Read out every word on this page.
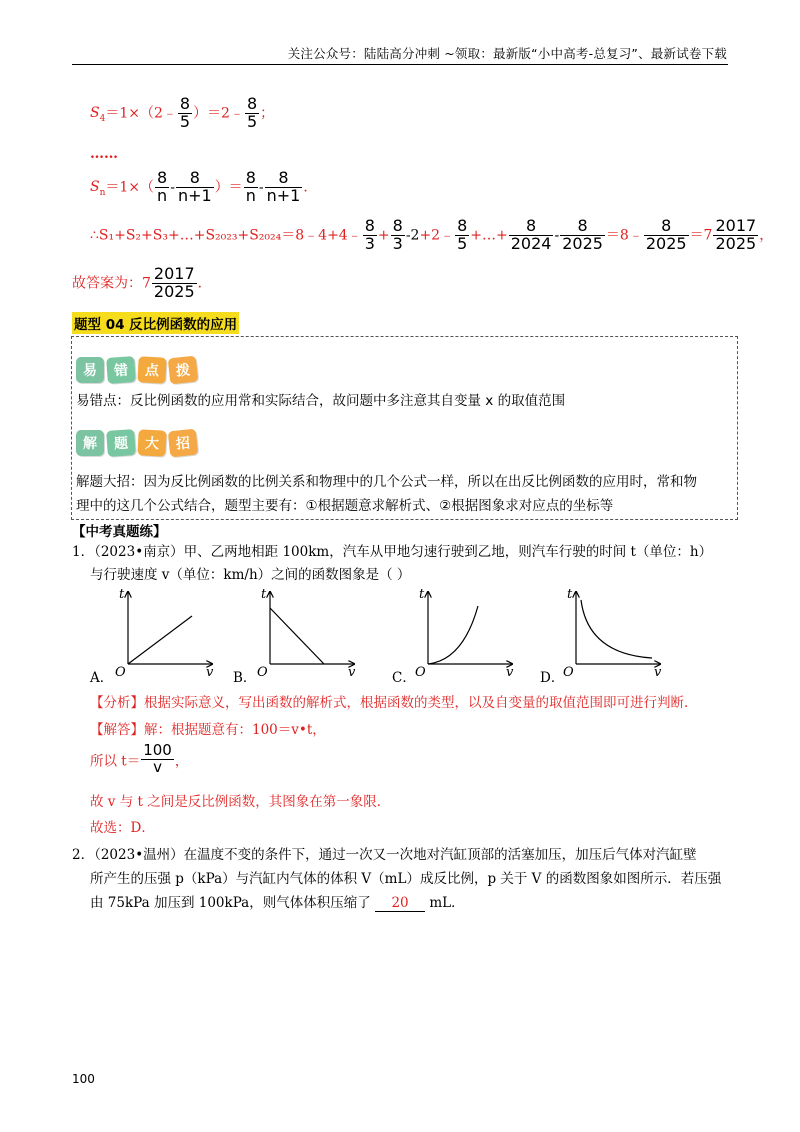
关注公众号：陆陆高分冲刺 ~领取：最新版“小中高考-总复习”、最新试卷下载
$S_4=1\times(2﹣ \frac{8}{5}$ ）＝2﹣ $\frac{8}{5}$ ；
……
$S_n=1\times( \frac{8}{n} - \frac{8}{n+1}$ ）＝ $\frac{8}{n} - \frac{8}{n+1}$ ．
∴S₁+S₂+S₃+…+S₂₀₂₃+S₂₀₂₄＝8﹣4+4﹣ $\frac{8}{3} + \frac{8}{3}$ -2+2﹣ $\frac{8}{5}$ +…+ $\frac{8}{2024} - \frac{8}{2025}$ ＝8﹣ $\frac{8}{2025} =7 \frac{2017}{2025}$ ，
故答案为：$7 \frac{2017}{2025}$ ．
题型 04 反比例函数的应用
易	错	点	拨
易错点：反比例函数的应用常和实际结合，故问题中多注意其自变量 x 的取值范围
解	题	大	招
解题大招：因为反比例函数的比例关系和物理中的几个公式一样，所以在出反比例函数的应用时，常和物
理中的这几个公式结合，题型主要有：①根据题意求解析式、②根据图象求对应点的坐标等
【中考真题练】
1．（2023•南京）甲、乙两地相距 100km，汽车从甲地匀速行驶到乙地，则汽车行驶的时间 t（单位：h）
与行驶速度 v（单位：km/h）之间的函数图象是（ ）
A．
t
v
O	B．
t
v
O	C．
t
v
O	D．
t
v
O
【分析】根据实际意义，写出函数的解析式，根据函数的类型，以及自变量的取值范围即可进行判断．
【解答】解：根据题意有：100＝v•t，
所以 $t= \frac{100}{v}$ ，
故 v 与 t 之间是反比例函数，其图象在第一象限．
故选：D．
2．（2023•温州）在温度不变的条件下，通过一次又一次地对汽缸顶部的活塞加压，加压后气体对汽缸壁
所产生的压强 p（kPa）与汽缸内气体的体积 V（mL）成反比例，p 关于 V 的函数图象如图所示．若压强
由 75kPa 加压到 100kPa，则气体体积压缩了 20 mL．
100
